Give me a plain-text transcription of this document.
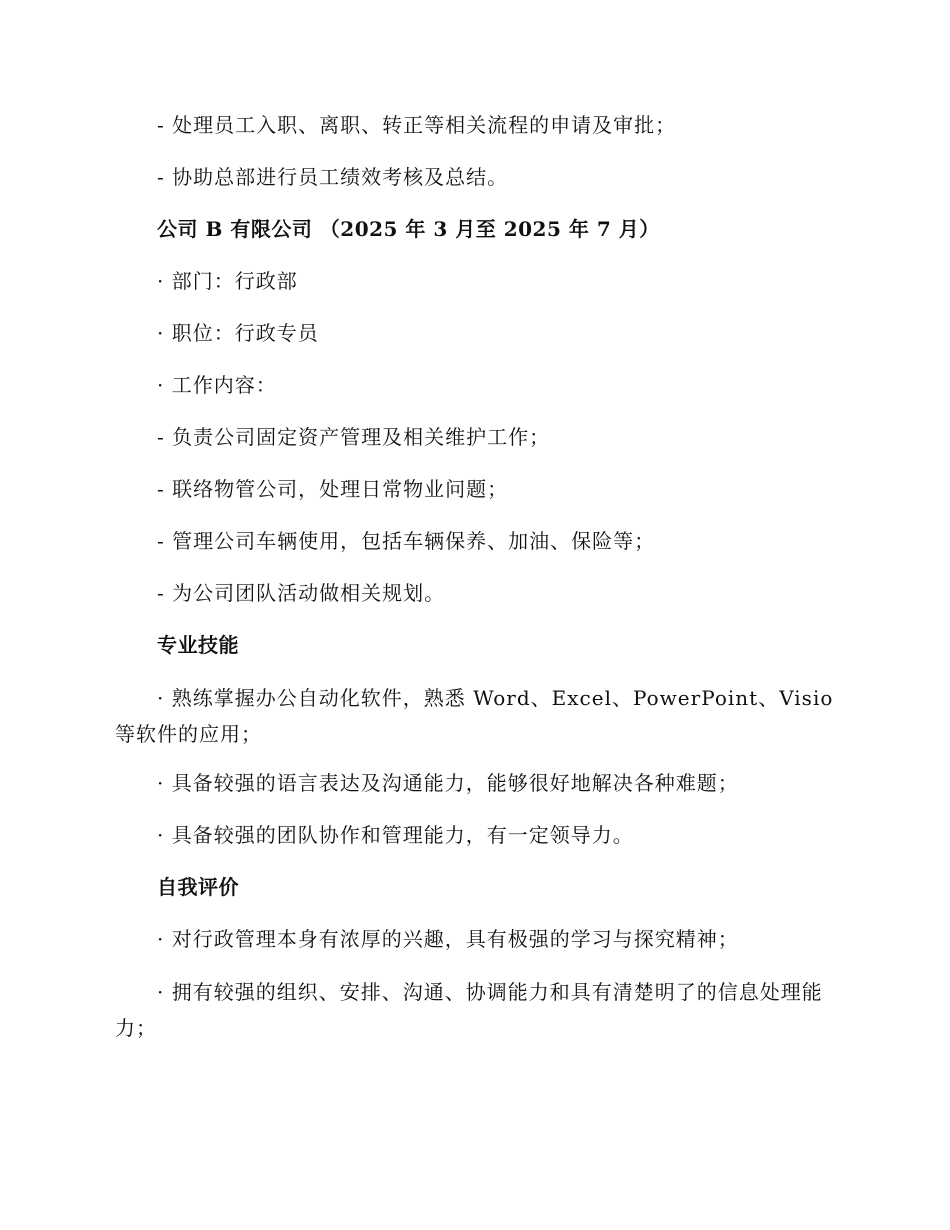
- 处理员工入职、离职、转正等相关流程的申请及审批；

- 协助总部进行员工绩效考核及总结。

公司 B 有限公司 （2025 年 3 月至 2025 年 7 月）

· 部门：行政部

· 职位：行政专员

· 工作内容：

- 负责公司固定资产管理及相关维护工作；

- 联络物管公司，处理日常物业问题；

- 管理公司车辆使用，包括车辆保养、加油、保险等；

- 为公司团队活动做相关规划。

专业技能

· 熟练掌握办公自动化软件，熟悉 Word、Excel、PowerPoint、Visio 等软件的应用；

· 具备较强的语言表达及沟通能力，能够很好地解决各种难题；

· 具备较强的团队协作和管理能力，有一定领导力。

自我评价

· 对行政管理本身有浓厚的兴趣，具有极强的学习与探究精神；

· 拥有较强的组织、安排、沟通、协调能力和具有清楚明了的信息处理能力；
